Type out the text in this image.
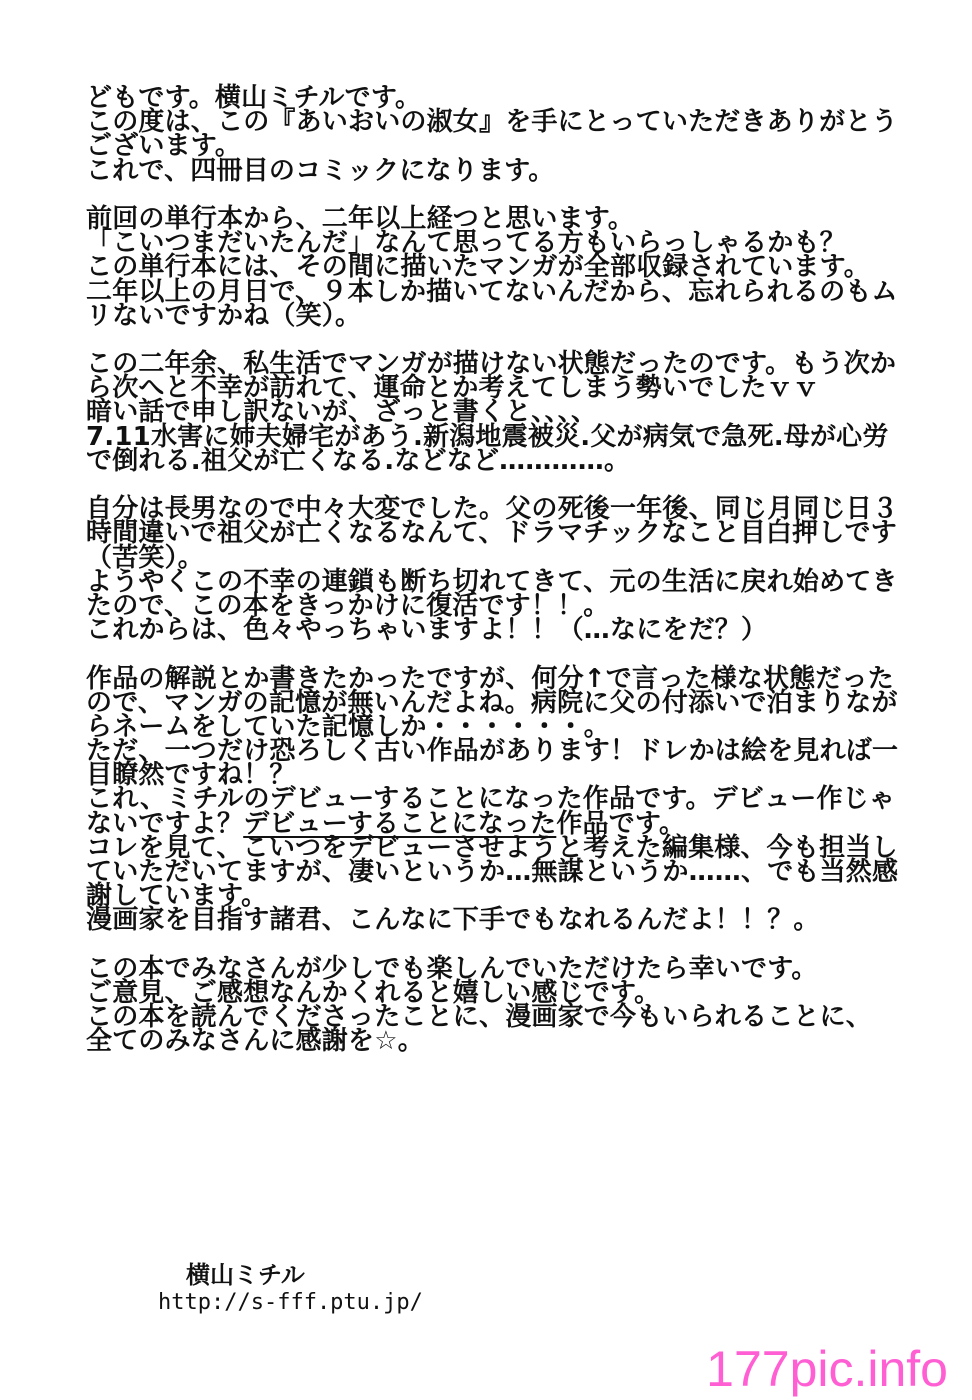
どもです。横山ミチルです。
この度は、この『あいおいの淑女』を手にとっていただきありがとう
ございます。
これで、四冊目のコミックになります。
前回の単行本から、二年以上経つと思います。
「こいつまだいたんだ」なんて思ってる方もいらっしゃるかも？
この単行本には、その間に描いたマンガが全部収録されています。
二年以上の月日で、９本しか描いてないんだから、忘れられるのもム
リないですかね（笑）。
この二年余、私生活でマンガが描けない状態だったのです。もう次か
ら次へと不幸が訪れて、運命とか考えてしまう勢いでしたｖｖ
暗い話で申し訳ないが、ざっと書くと、、、、
7.11水害に姉夫婦宅があう.新潟地震被災.父が病気で急死.母が心労
で倒れる.祖父が亡くなる.などなど…………。
自分は長男なので中々大変でした。父の死後一年後、同じ月同じ日３
時間違いで祖父が亡くなるなんて、ドラマチックなこと目白押しです
（苦笑）。
ようやくこの不幸の連鎖も断ち切れてきて、元の生活に戻れ始めてき
たので、この本をきっかけに復活です！！。
これからは、色々やっちゃいますよ！！（…なにをだ？）
作品の解説とか書きたかったですが、何分↑で言った様な状態だった
ので、マンガの記憶が無いんだよね。病院に父の付添いで泊まりなが
らネームをしていた記憶しか・・・・・・。
ただ、一つだけ恐ろしく古い作品があります！ドレかは絵を見れば一
目瞭然ですね！？
これ、ミチルのデビューすることになった作品です。デビュー作じゃ
ないですよ？デビューすることになった作品です。
コレを見て、こいつをデビューさせようと考えた編集様、今も担当し
ていただいてますが、凄いというか…無謀というか……、でも当然感
謝しています。
漫画家を目指す諸君、こんなに下手でもなれるんだよ！！？。
この本でみなさんが少しでも楽しんでいただけたら幸いです。
ご意見、ご感想なんかくれると嬉しい感じです。
この本を読んでくださったことに、漫画家で今もいられることに、
全てのみなさんに感謝を☆。
横山ミチル
http://s-fff.ptu.jp/
177pic.info
